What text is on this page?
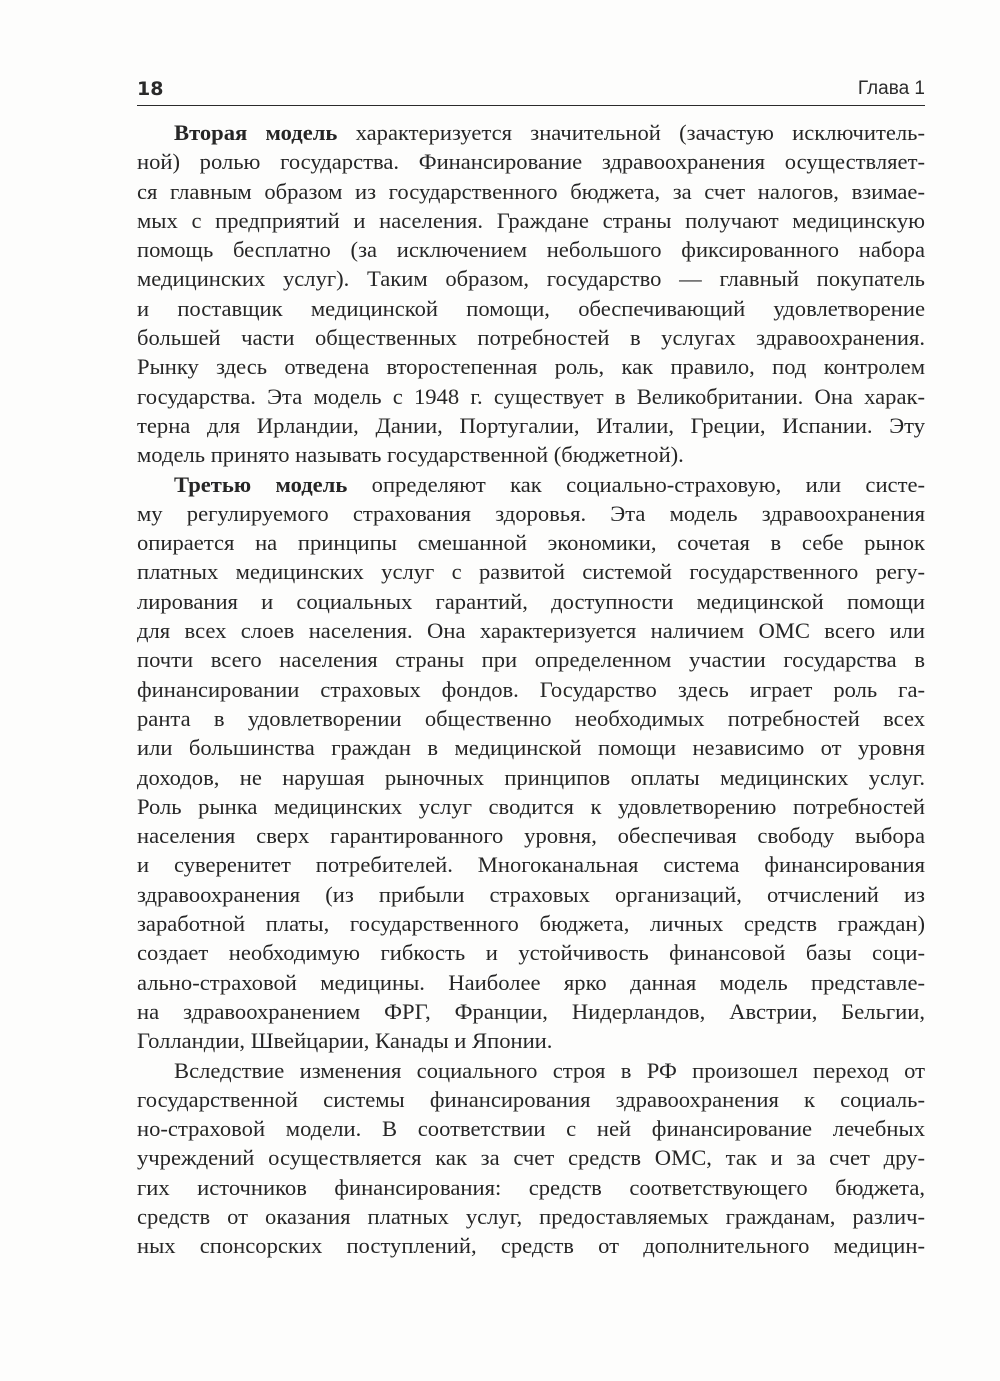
18	Глава 1
Вторая модель характеризуется значительной (зачастую исключитель-
ной) ролью государства. Финансирование здравоохранения осуществляет-
ся главным образом из государственного бюджета, за счет налогов, взимае-
мых с предприятий и населения. Граждане страны получают медицинскую
помощь бесплатно (за исключением небольшого фиксированного набора
медицинских услуг). Таким образом, государство — главный покупатель
и поставщик медицинской помощи, обеспечивающий удовлетворение
большей части общественных потребностей в услугах здравоохранения.
Рынку здесь отведена второстепенная роль, как правило, под контролем
государства. Эта модель с 1948 г. существует в Великобритании. Она харак-
терна для Ирландии, Дании, Португалии, Италии, Греции, Испании. Эту
модель принято называть государственной (бюджетной).
Третью модель определяют как социально-страховую, или систе-
му регулируемого страхования здоровья. Эта модель здравоохранения
опирается на принципы смешанной экономики, сочетая в себе рынок
платных медицинских услуг с развитой системой государственного регу-
лирования и социальных гарантий, доступности медицинской помощи
для всех слоев населения. Она характеризуется наличием ОМС всего или
почти всего населения страны при определенном участии государства в
финансировании страховых фондов. Государство здесь играет роль га-
ранта в удовлетворении общественно необходимых потребностей всех
или большинства граждан в медицинской помощи независимо от уровня
доходов, не нарушая рыночных принципов оплаты медицинских услуг.
Роль рынка медицинских услуг сводится к удовлетворению потребностей
населения сверх гарантированного уровня, обеспечивая свободу выбора
и суверенитет потребителей. Многоканальная система финансирования
здравоохранения (из прибыли страховых организаций, отчислений из
заработной платы, государственного бюджета, личных средств граждан)
создает необходимую гибкость и устойчивость финансовой базы соци-
ально-страховой медицины. Наиболее ярко данная модель представле-
на здравоохранением ФРГ, Франции, Нидерландов, Австрии, Бельгии,
Голландии, Швейцарии, Канады и Японии.
Вследствие изменения социального строя в РФ произошел переход от
государственной системы финансирования здравоохранения к социаль-
но-страховой модели. В соответствии с ней финансирование лечебных
учреждений осуществляется как за счет средств ОМС, так и за счет дру-
гих источников финансирования: средств соответствующего бюджета,
средств от оказания платных услуг, предоставляемых гражданам, различ-
ных спонсорских поступлений, средств от дополнительного медицин-
